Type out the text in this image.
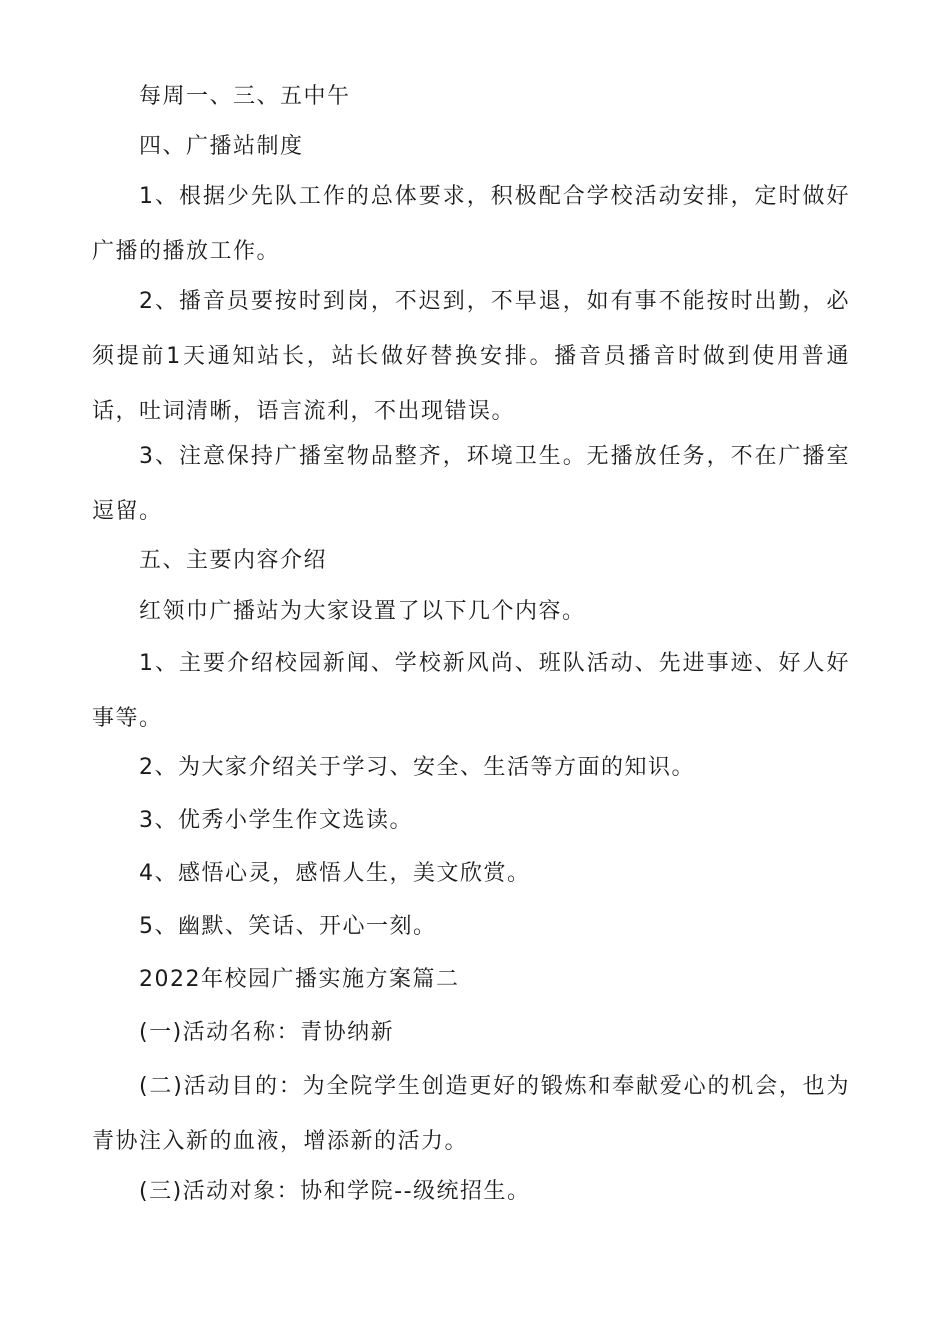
每周一、三、五中午

四、广播站制度

1、根据少先队工作的总体要求，积极配合学校活动安排，定时做好广播的播放工作。

2、播音员要按时到岗，不迟到，不早退，如有事不能按时出勤，必须提前1天通知站长，站长做好替换安排。播音员播音时做到使用普通话，吐词清晰，语言流利，不出现错误。

3、注意保持广播室物品整齐，环境卫生。无播放任务，不在广播室逗留。

五、主要内容介绍

红领巾广播站为大家设置了以下几个内容。

1、主要介绍校园新闻、学校新风尚、班队活动、先进事迹、好人好事等。

2、为大家介绍关于学习、安全、生活等方面的知识。

3、优秀小学生作文选读。

4、感悟心灵，感悟人生，美文欣赏。

5、幽默、笑话、开心一刻。

2022年校园广播实施方案篇二

(一)活动名称：青协纳新

(二)活动目的：为全院学生创造更好的锻炼和奉献爱心的机会，也为青协注入新的血液，增添新的活力。

(三)活动对象：协和学院--级统招生。
